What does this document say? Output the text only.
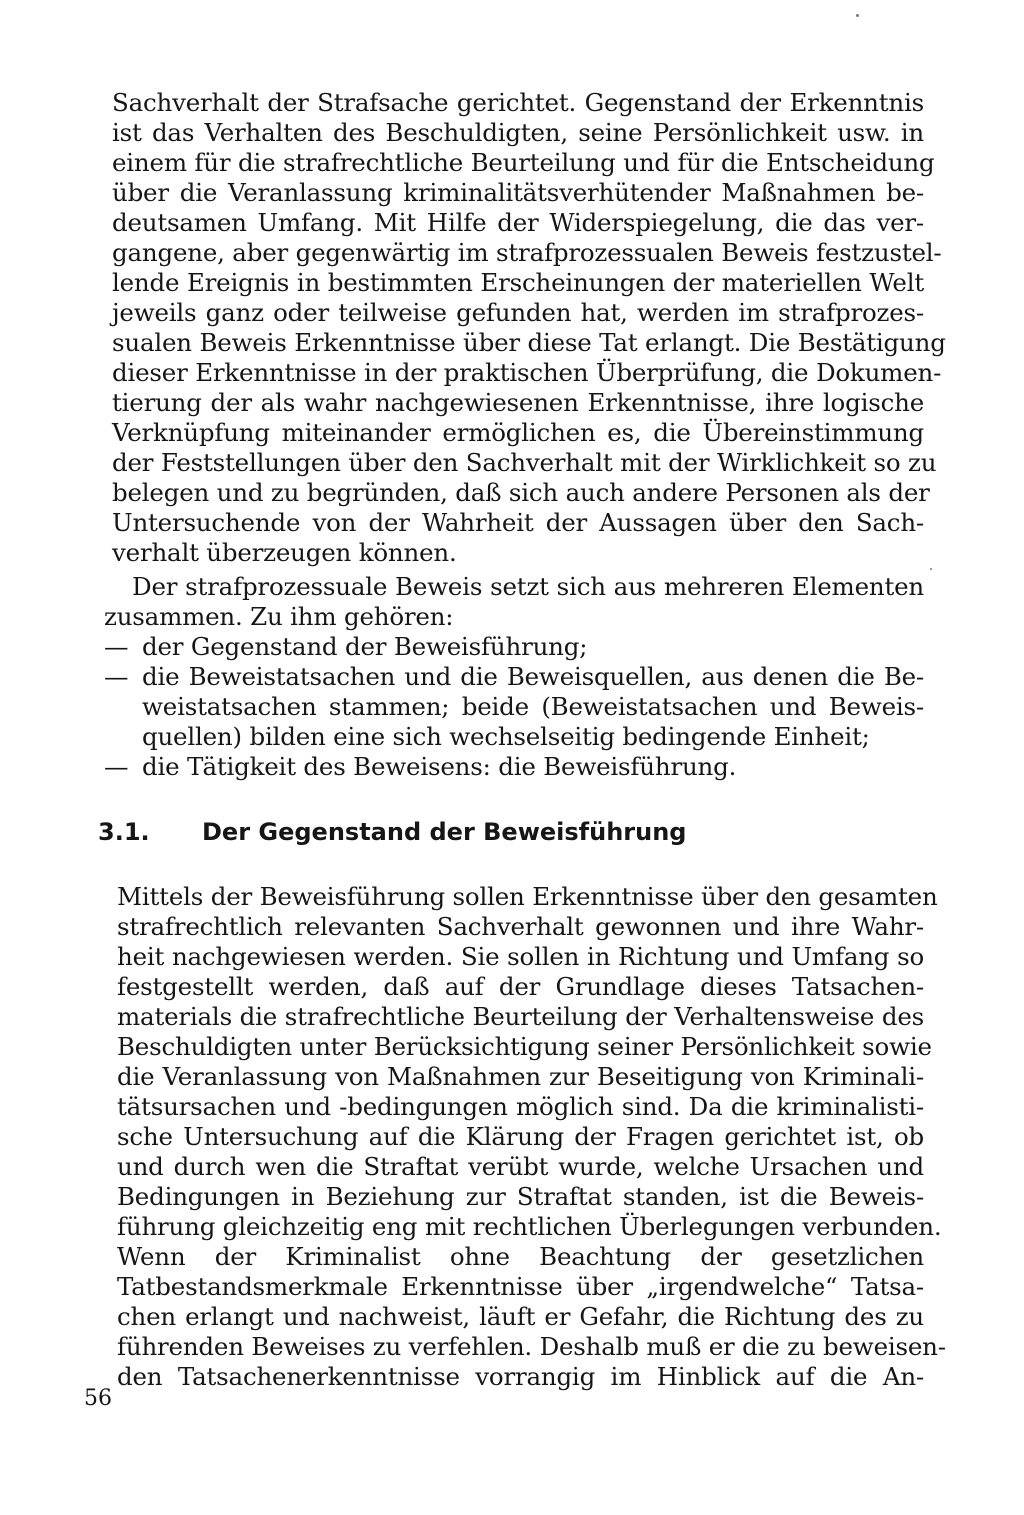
Sachverhalt der Strafsache gerichtet. Gegenstand der Erkenntnis
ist das Verhalten des Beschuldigten, seine Persönlichkeit usw. in
einem für die strafrechtliche Beurteilung und für die Entscheidung
über die Veranlassung kriminalitätsverhütender Maßnahmen be-
deutsamen Umfang. Mit Hilfe der Widerspiegelung, die das ver-
gangene, aber gegenwärtig im strafprozessualen Beweis festzustel-
lende Ereignis in bestimmten Erscheinungen der materiellen Welt
jeweils ganz oder teilweise gefunden hat, werden im strafprozes-
sualen Beweis Erkenntnisse über diese Tat erlangt. Die Bestätigung
dieser Erkenntnisse in der praktischen Überprüfung, die Dokumen-
tierung der als wahr nachgewiesenen Erkenntnisse, ihre logische
Verknüpfung miteinander ermöglichen es, die Übereinstimmung
der Feststellungen über den Sachverhalt mit der Wirklichkeit so zu
belegen und zu begründen, daß sich auch andere Personen als der
Untersuchende von der Wahrheit der Aussagen über den Sach-
verhalt überzeugen können.
Der strafprozessuale Beweis setzt sich aus mehreren Elementen
zusammen. Zu ihm gehören:
— der Gegenstand der Beweisführung;
— die Beweistatsachen und die Beweisquellen, aus denen die Be-
weistatsachen stammen; beide (Beweistatsachen und Beweis-
quellen) bilden eine sich wechselseitig bedingende Einheit;
— die Tätigkeit des Beweisens: die Beweisführung.
3.1. Der Gegenstand der Beweisführung
Mittels der Beweisführung sollen Erkenntnisse über den gesamten
strafrechtlich relevanten Sachverhalt gewonnen und ihre Wahr-
heit nachgewiesen werden. Sie sollen in Richtung und Umfang so
festgestellt werden, daß auf der Grundlage dieses Tatsachen-
materials die strafrechtliche Beurteilung der Verhaltensweise des
Beschuldigten unter Berücksichtigung seiner Persönlichkeit sowie
die Veranlassung von Maßnahmen zur Beseitigung von Kriminali-
tätsursachen und -bedingungen möglich sind. Da die kriminalisti-
sche Untersuchung auf die Klärung der Fragen gerichtet ist, ob
und durch wen die Straftat verübt wurde, welche Ursachen und
Bedingungen in Beziehung zur Straftat standen, ist die Beweis-
führung gleichzeitig eng mit rechtlichen Überlegungen verbunden.
Wenn der Kriminalist ohne Beachtung der gesetzlichen
Tatbestandsmerkmale Erkenntnisse über „irgendwelche“ Tatsa-
chen erlangt und nachweist, läuft er Gefahr, die Richtung des zu
führenden Beweises zu verfehlen. Deshalb muß er die zu beweisen-
den Tatsachenerkenntnisse vorrangig im Hinblick auf die An-
56
